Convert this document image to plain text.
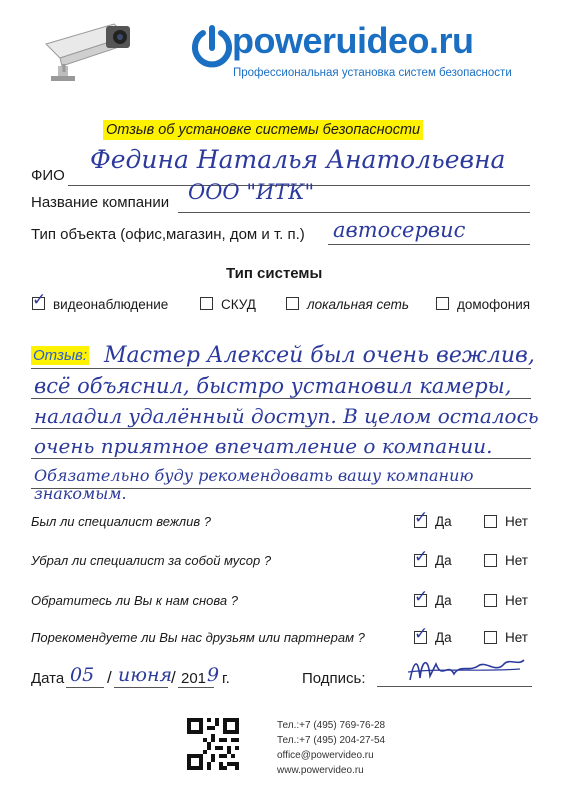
poweruideo.ru
Профессиональная установка систем безопасности
Отзыв об установке системы безопасности
ФИО
Федина Наталья Анатольевна
Название компании ООО "ИТК"
Тип объекта (офис,магазин, дом и т. п.) автосервис
Тип системы
✓ видеонаблюдение	СКУД	локальная сеть	домофония
Отзыв: Мастер Алексей был очень вежлив,
всё объяснил, быстро установил камеры,
наладил удалённый доступ. В целом осталось
очень приятное впечатление о компании.
Обязательно буду рекомендовать вашу компанию
знакомым.
Был ли специалист вежлив ?	✓ Да	Нет
Убрал ли специалист за собой мусор ?	✓ Да	Нет
Обратитесь ли Вы к нам снова ?	✓ Да	Нет
Порекомендуете ли Вы нас друзьям или партнерам ?	✓ Да	Нет
Дата 05 / июня
/ 201 9 г.	Подпись:
Тел.:+7 (495) 769-76-28
Тел.:+7 (495) 204-27-54
office@powervideo.ru
www.powervideo.ru
